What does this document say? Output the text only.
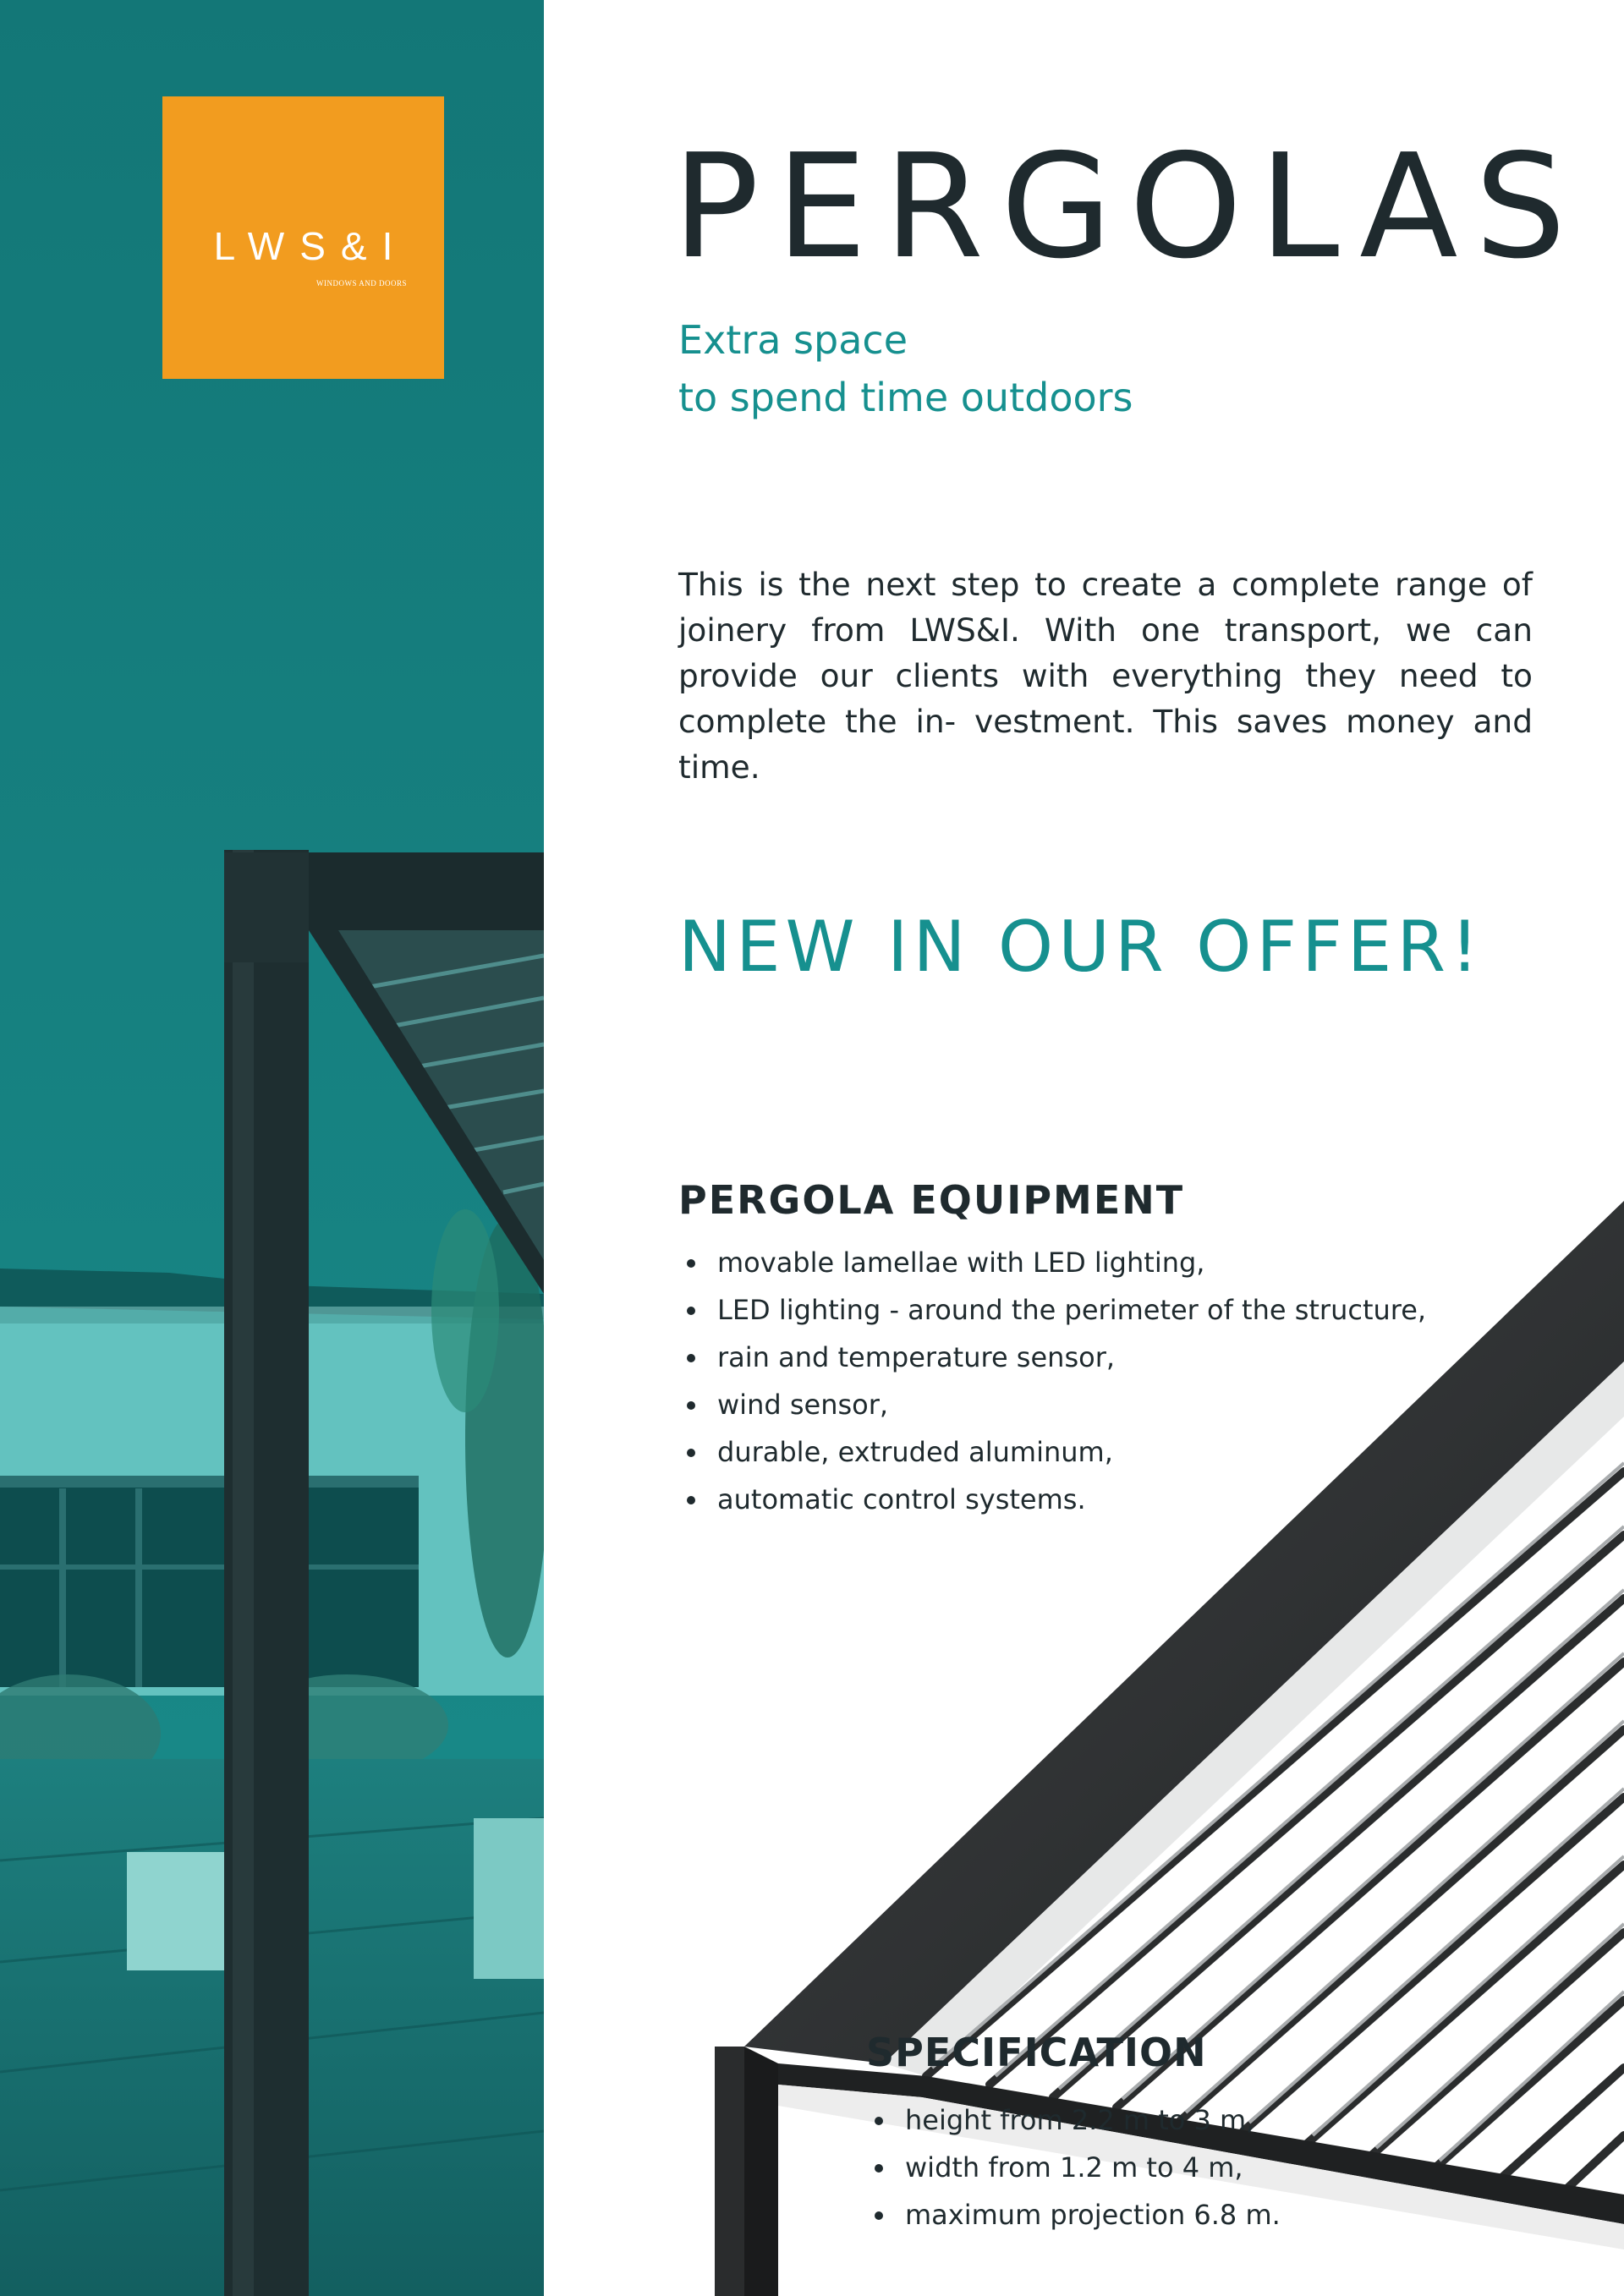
LWS&I
WINDOWS AND DOORS PERGOLAS
Extra space
to spend time outdoors

This is the next step to create a complete range of joinery from LWS&I. With one transport, we can provide our clients with everything they need to complete the in- vestment. This saves money and time.

NEW IN OUR OFFER!
PERGOLA EQUIPMENT
movable lamellae with LED lighting,
LED lighting - around the perimeter of the structure,
rain and temperature sensor,
wind sensor,
durable, extruded aluminum,
automatic control systems.
SPECIFICATION
height from 2.2 m to 3 m,
width from 1.2 m to 4 m,
maximum projection 6.8 m.
